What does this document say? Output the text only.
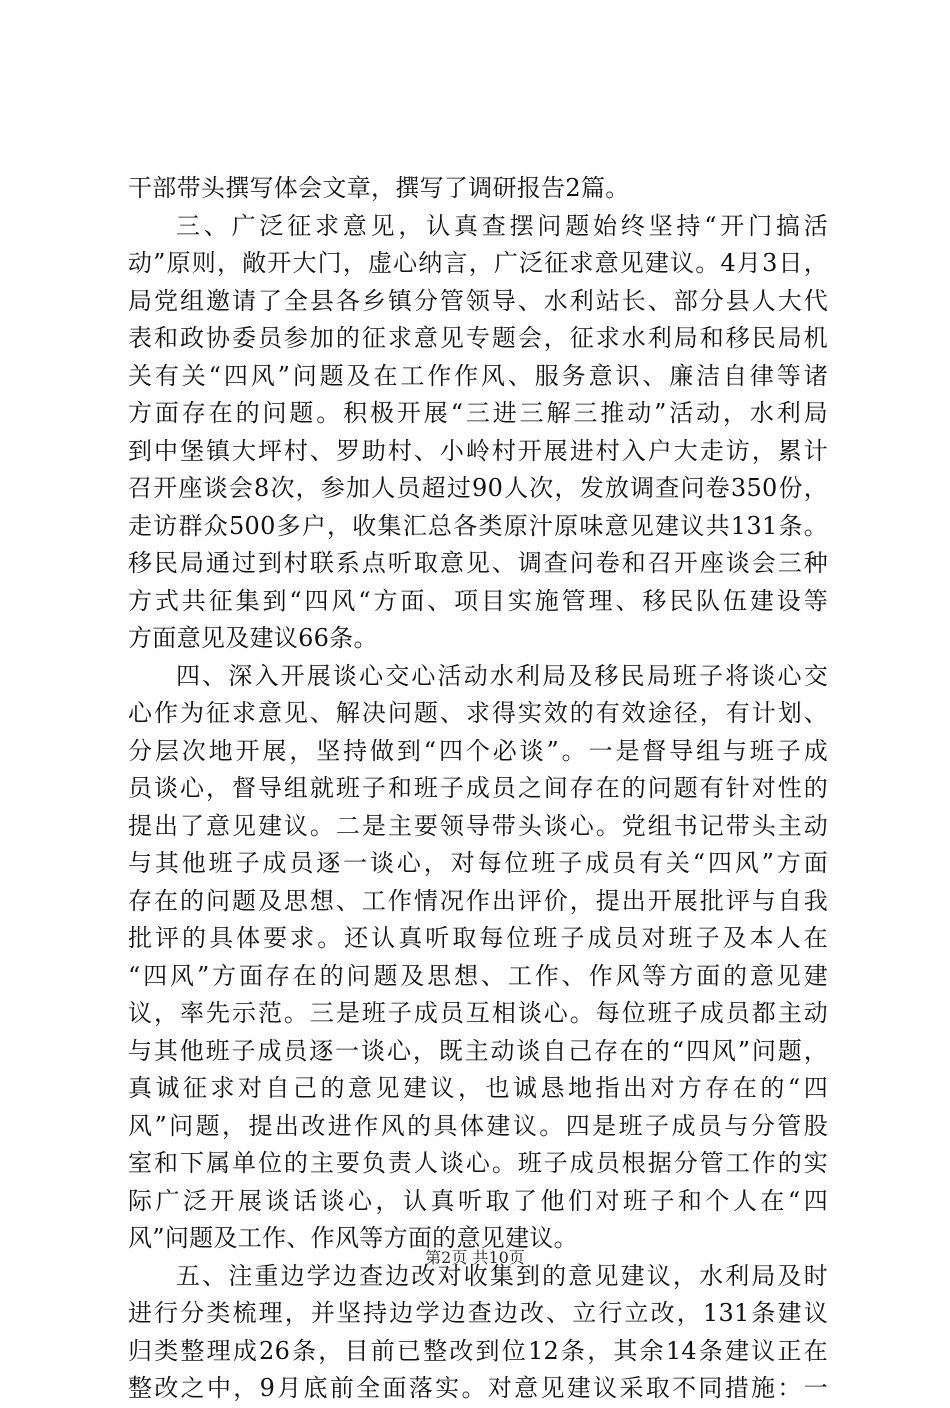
干部带头撰写体会文章，撰写了调研报告2篇。
三、广泛征求意见，认真查摆问题始终坚持“开门搞活
动”原则，敞开大门，虚心纳言，广泛征求意见建议。4月3日，
局党组邀请了全县各乡镇分管领导、水利站长、部分县人大代
表和政协委员参加的征求意见专题会，征求水利局和移民局机
关有关“四风”问题及在工作作风、服务意识、廉洁自律等诸
方面存在的问题。积极开展“三进三解三推动”活动，水利局
到中堡镇大坪村、罗助村、小岭村开展进村入户大走访，累计
召开座谈会8次，参加人员超过90人次，发放调查问卷350份，
走访群众500多户，收集汇总各类原汁原味意见建议共131条。
移民局通过到村联系点听取意见、调查问卷和召开座谈会三种
方式共征集到“四风“方面、项目实施管理、移民队伍建设等
方面意见及建议66条。
四、深入开展谈心交心活动水利局及移民局班子将谈心交
心作为征求意见、解决问题、求得实效的有效途径，有计划、
分层次地开展，坚持做到“四个必谈”。一是督导组与班子成
员谈心，督导组就班子和班子成员之间存在的问题有针对性的
提出了意见建议。二是主要领导带头谈心。党组书记带头主动
与其他班子成员逐一谈心，对每位班子成员有关“四风”方面
存在的问题及思想、工作情况作出评价，提出开展批评与自我
批评的具体要求。还认真听取每位班子成员对班子及本人在
“四风”方面存在的问题及思想、工作、作风等方面的意见建
议，率先示范。三是班子成员互相谈心。每位班子成员都主动
与其他班子成员逐一谈心，既主动谈自己存在的“四风”问题，
真诚征求对自己的意见建议，也诚恳地指出对方存在的“四
风”问题，提出改进作风的具体建议。四是班子成员与分管股
室和下属单位的主要负责人谈心。班子成员根据分管工作的实
际广泛开展谈话谈心，认真听取了他们对班子和个人在“四
风”问题及工作、作风等方面的意见建议。
五、注重边学边查边改对收集到的意见建议，水利局及时
进行分类梳理，并坚持边学边查边改、立行立改，131条建议
归类整理成26条，目前已整改到位12条，其余14条建议正在
整改之中，9月底前全面落实。对意见建议采取不同措施：一
第2页 共10页
